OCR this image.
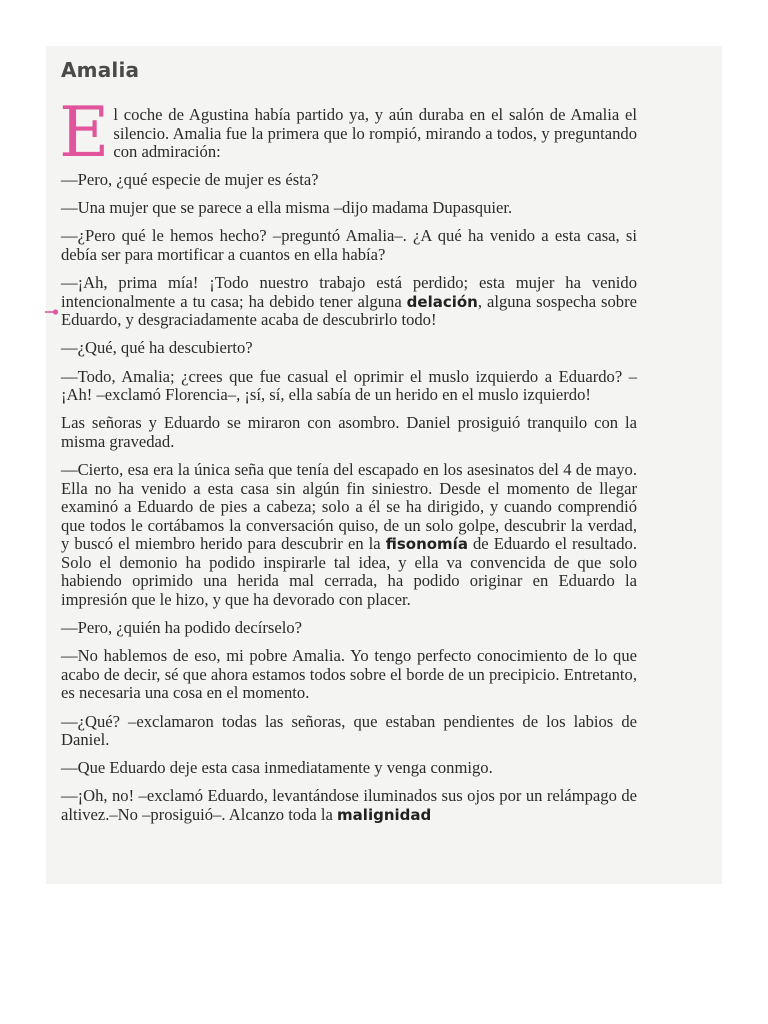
Amalia

El coche de Agustina había partido ya, y aún duraba en el salón de Amalia el silencio. Amalia fue la primera que lo rompió, mirando a todos, y preguntando con admiración:

—Pero, ¿qué especie de mujer es ésta?

—Una mujer que se parece a ella misma –dijo madama Dupasquier.

—¿Pero qué le hemos hecho? –preguntó Amalia–. ¿A qué ha venido a esta casa, si debía ser para mortificar a cuantos en ella había?

—¡Ah, prima mía! ¡Todo nuestro trabajo está perdido; esta mujer ha venido intencionalmente a tu casa; ha debido tener alguna delación, alguna sospecha sobre Eduardo, y desgraciadamente acaba de descubrirlo todo!

—¿Qué, qué ha descubierto?

—Todo, Amalia; ¿crees que fue casual el oprimir el muslo izquierdo a Eduardo? –¡Ah! –exclamó Florencia–, ¡sí, sí, ella sabía de un herido en el muslo izquierdo!

Las señoras y Eduardo se miraron con asombro. Daniel prosiguió tranquilo con la misma gravedad.

—Cierto, esa era la única seña que tenía del escapado en los asesinatos del 4 de mayo. Ella no ha venido a esta casa sin algún fin siniestro. Desde el momento de llegar examinó a Eduardo de pies a cabeza; solo a él se ha dirigido, y cuando comprendió que todos le cortábamos la conversación quiso, de un solo golpe, descubrir la verdad, y buscó el miembro herido para descubrir en la fisonomía de Eduardo el resultado. Solo el demonio ha podido inspirarle tal idea, y ella va convencida de que solo habiendo oprimido una herida mal cerrada, ha podido originar en Eduardo la impresión que le hizo, y que ha devorado con placer.

—Pero, ¿quién ha podido decírselo?

—No hablemos de eso, mi pobre Amalia. Yo tengo perfecto conocimiento de lo que acabo de decir, sé que ahora estamos todos sobre el borde de un precipicio. Entretanto, es necesaria una cosa en el momento.

—¿Qué? –exclamaron todas las señoras, que estaban pendientes de los labios de Daniel.

—Que Eduardo deje esta casa inmediatamente y venga conmigo.

—¡Oh, no! –exclamó Eduardo, levantándose iluminados sus ojos por un relámpago de altivez.–No –prosiguió–. Alcanzo toda la malignidad
